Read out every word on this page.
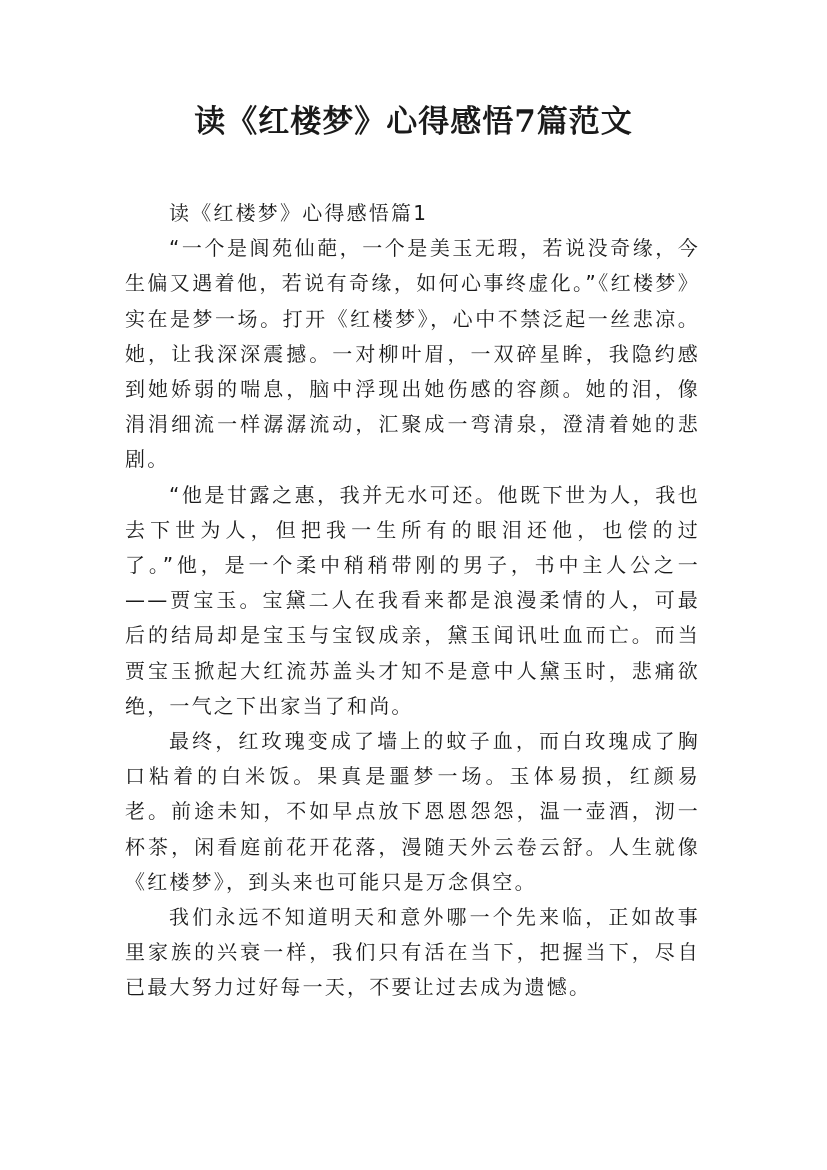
读《红楼梦》心得感悟7篇范文

读《红楼梦》心得感悟篇1

“一个是阆苑仙葩，一个是美玉无瑕，若说没奇缘，今生偏又遇着他，若说有奇缘，如何心事终虚化。”《红楼梦》实在是梦一场。打开《红楼梦》，心中不禁泛起一丝悲凉。她，让我深深震撼。一对柳叶眉，一双碎星眸，我隐约感到她娇弱的喘息，脑中浮现出她伤感的容颜。她的泪，像涓涓细流一样潺潺流动，汇聚成一弯清泉，澄清着她的悲剧。

“他是甘露之惠，我并无水可还。他既下世为人，我也去下世为人，但把我一生所有的眼泪还他，也偿的过了。”他，是一个柔中稍稍带刚的男子，书中主人公之一——贾宝玉。宝黛二人在我看来都是浪漫柔情的人，可最后的结局却是宝玉与宝钗成亲，黛玉闻讯吐血而亡。而当贾宝玉掀起大红流苏盖头才知不是意中人黛玉时，悲痛欲绝，一气之下出家当了和尚。

最终，红玫瑰变成了墙上的蚊子血，而白玫瑰成了胸口粘着的白米饭。果真是噩梦一场。玉体易损，红颜易老。前途未知，不如早点放下恩恩怨怨，温一壶酒，沏一杯茶，闲看庭前花开花落，漫随天外云卷云舒。人生就像《红楼梦》，到头来也可能只是万念俱空。

我们永远不知道明天和意外哪一个先来临，正如故事里家族的兴衰一样，我们只有活在当下，把握当下，尽自已最大努力过好每一天，不要让过去成为遗憾。
